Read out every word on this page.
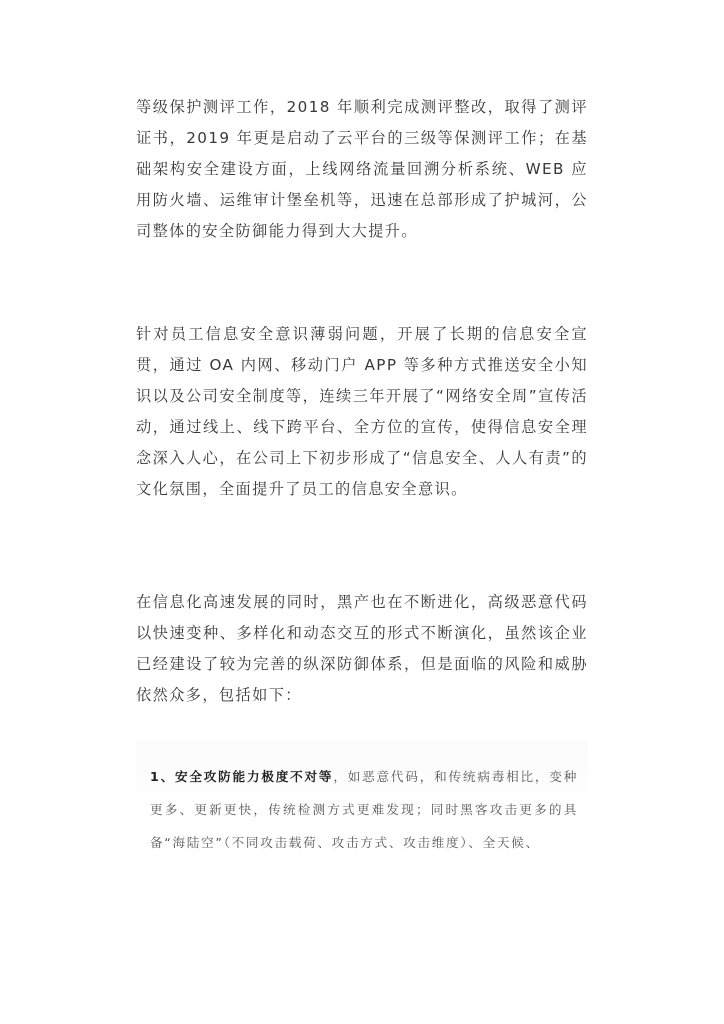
等级保护测评工作，2018 年顺利完成测评整改，取得了测评证书，2019 年更是启动了云平台的三级等保测评工作；在基础架构安全建设方面，上线网络流量回溯分析系统、WEB 应用防火墙、运维审计堡垒机等，迅速在总部形成了护城河，公司整体的安全防御能力得到大大提升。

针对员工信息安全意识薄弱问题，开展了长期的信息安全宣贯，通过 OA 内网、移动门户 APP 等多种方式推送安全小知识以及公司安全制度等，连续三年开展了“网络安全周”宣传活动，通过线上、线下跨平台、全方位的宣传，使得信息安全理念深入人心，在公司上下初步形成了“信息安全、人人有责”的文化氛围，全面提升了员工的信息安全意识。

在信息化高速发展的同时，黑产也在不断进化，高级恶意代码以快速变种、多样化和动态交互的形式不断演化，虽然该企业已经建设了较为完善的纵深防御体系，但是面临的风险和威胁依然众多，包括如下：

1、安全攻防能力极度不对等，如恶意代码，和传统病毒相比，变种更多、更新更快，传统检测方式更难发现；同时黑客攻击更多的具备“海陆空”（不同攻击载荷、攻击方式、攻击维度）、全天候、
